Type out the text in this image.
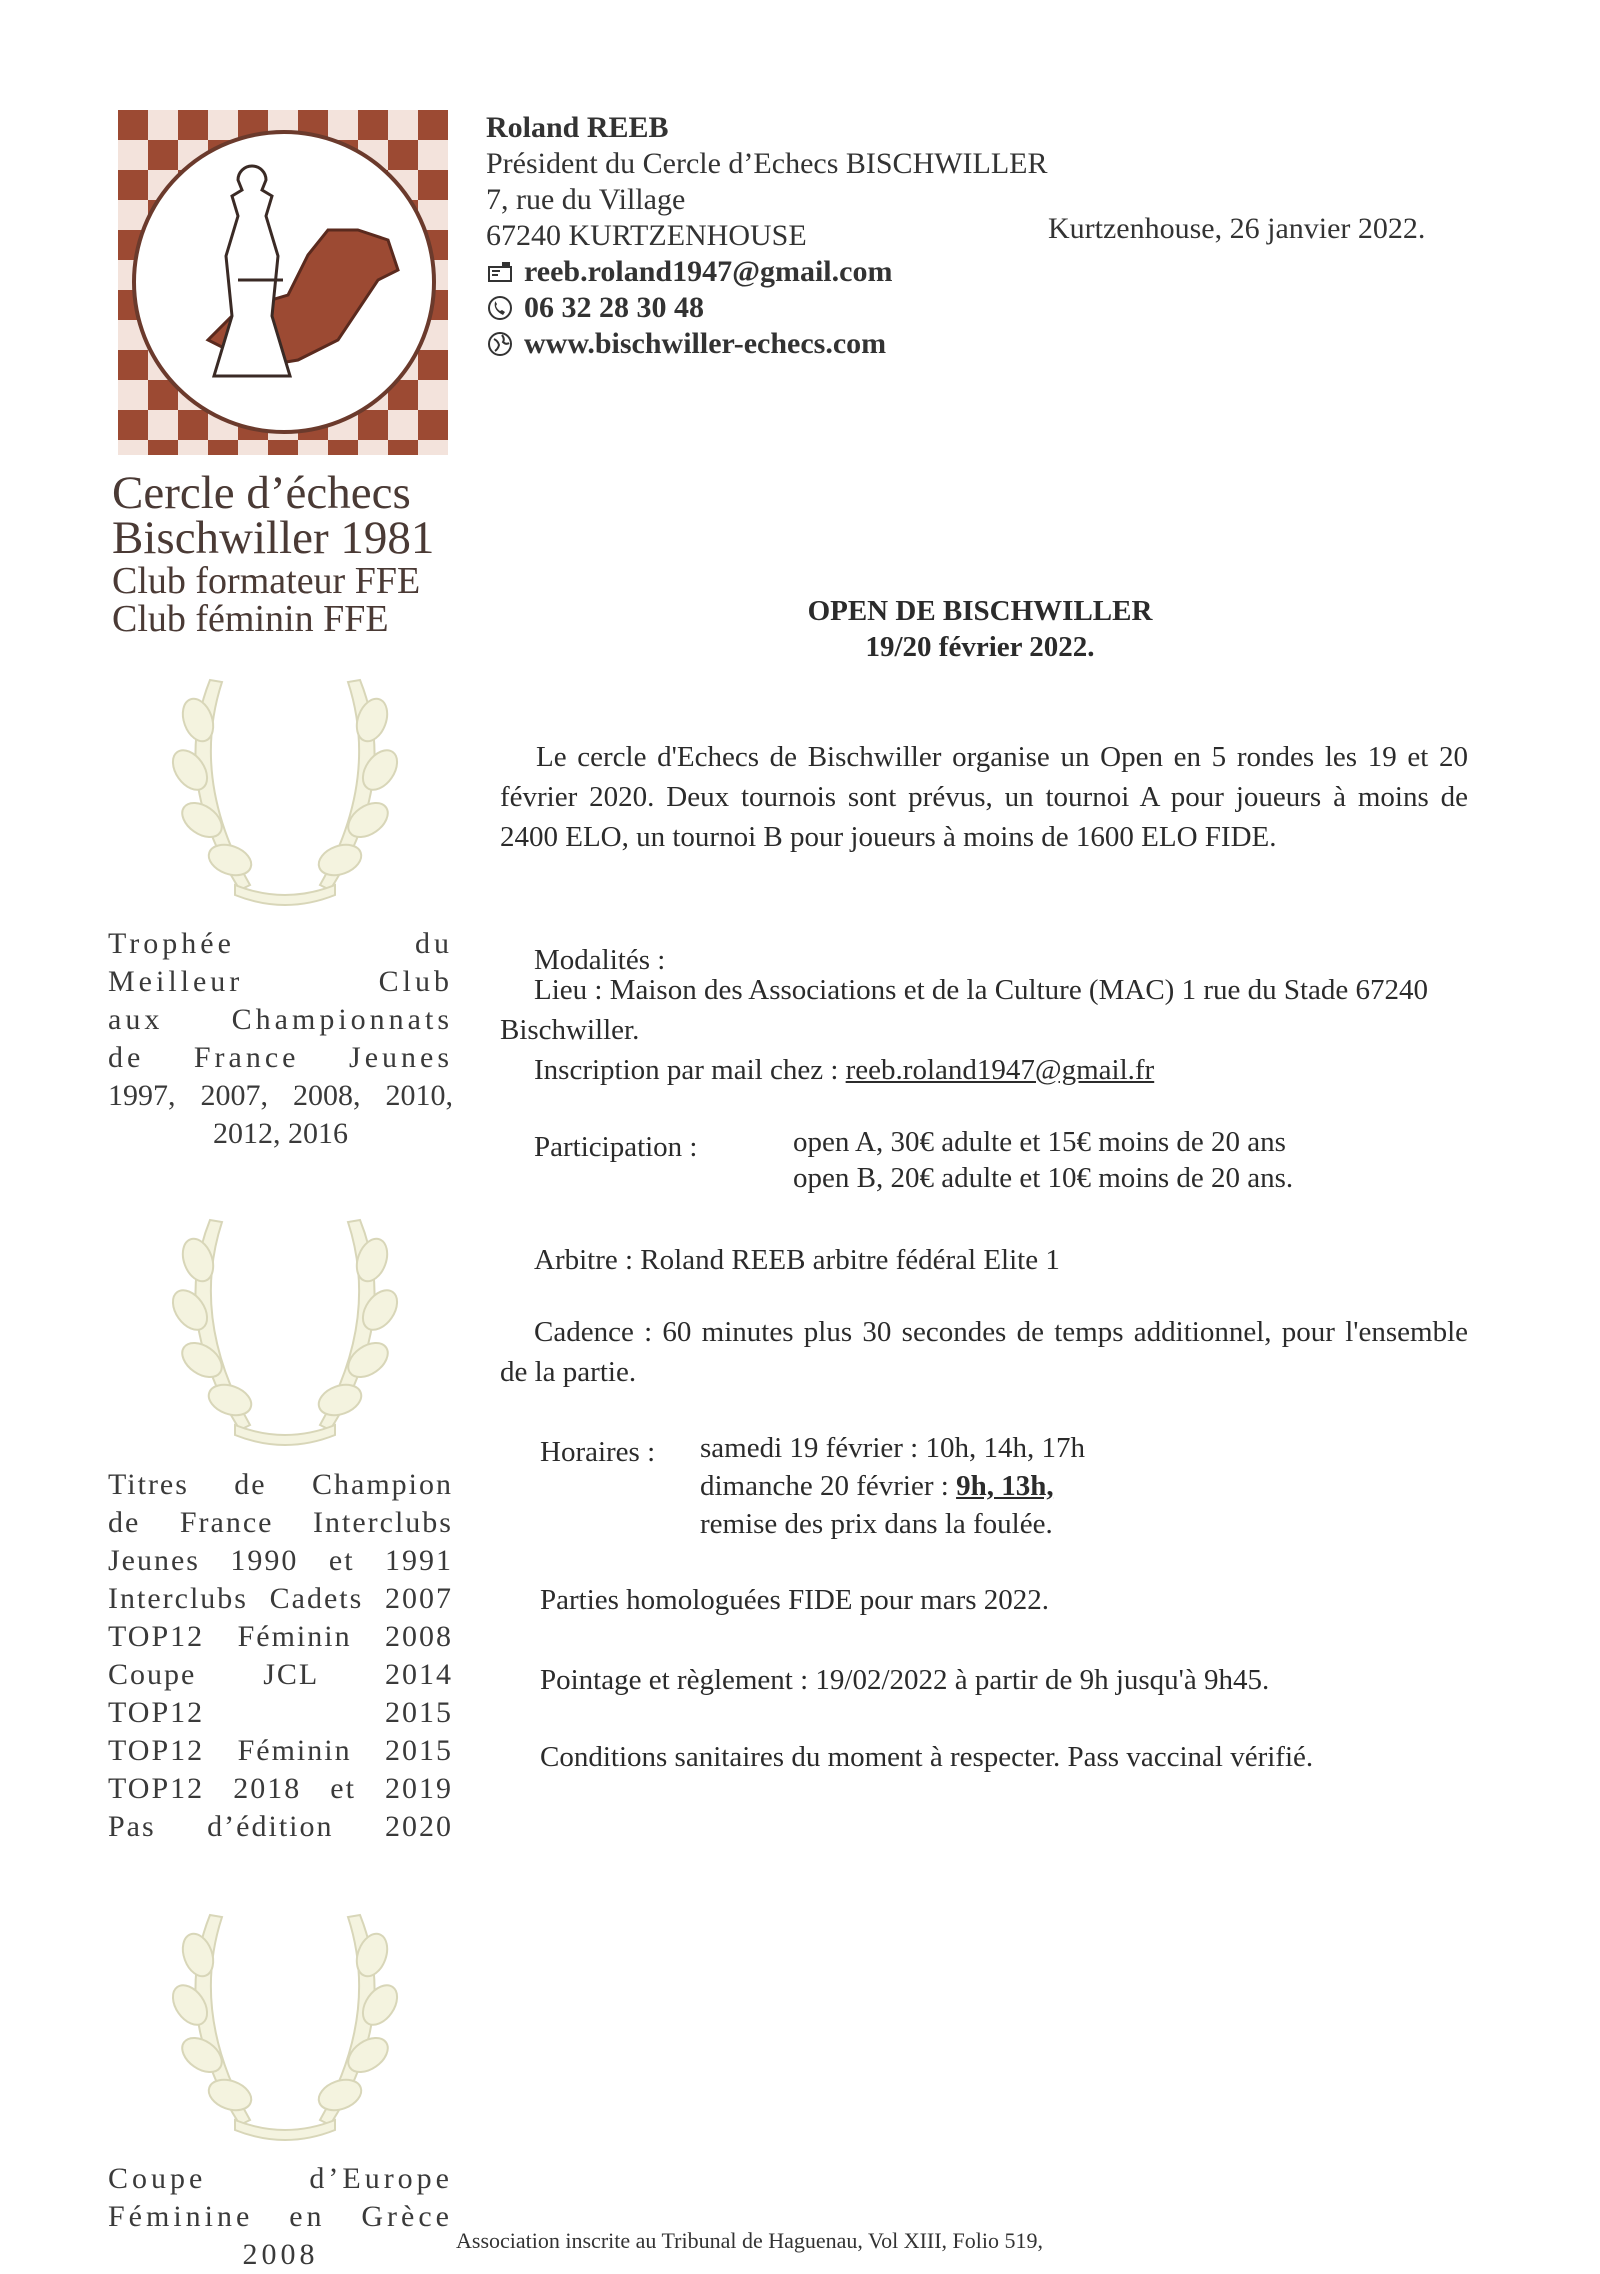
Cercle d’échecs
Bischwiller 1981
Club formateur FFE
Club féminin FFE
Trophée du
Meilleur Club
aux Championnats
de France Jeunes
1997, 2007, 2008, 2010,
2012, 2016
Titres de Champion
de France Interclubs
Jeunes 1990 et 1991
Interclubs Cadets 2007
TOP12 Féminin 2008
Coupe JCL 2014
TOP12 2015
TOP12 Féminin 2015
TOP12 2018 et 2019
Pas d’édition 2020
Coupe d’Europe
Féminine en Grèce
2008
Roland REEB
Président du Cercle d’Echecs BISCHWILLER
7, rue du Village
67240 KURTZENHOUSE
reeb.roland1947@gmail.com
06 32 28 30 48
www.bischwiller-echecs.com
Kurtzenhouse, 26 janvier 2022.
OPEN DE BISCHWILLER
19/20 février 2022.
Le cercle d'Echecs de Bischwiller organise un Open en 5 rondes les 19 et 20 février 2020. Deux tournois sont prévus, un tournoi A pour joueurs à moins de 2400 ELO, un tournoi B pour joueurs à moins de 1600 ELO FIDE.
Modalités :
Lieu : Maison des Associations et de la Culture (MAC) 1 rue du Stade 67240 Bischwiller.
Inscription par mail chez : reeb.roland1947@gmail.fr
Participation :	open A, 30€ adulte et 15€ moins de 20 ans
open B, 20€ adulte et 10€ moins de 20 ans.
Arbitre : Roland REEB arbitre fédéral Elite 1
Cadence : 60 minutes plus 30 secondes de temps additionnel, pour l'ensemble de la partie.
Horaires : samedi 19 février : 10h, 14h, 17h
dimanche 20 février : 9h, 13h,
remise des prix dans la foulée.
Parties homologuées FIDE pour mars 2022.
Pointage et règlement : 19/02/2022 à partir de 9h jusqu'à 9h45.
Conditions sanitaires du moment à respecter. Pass vaccinal vérifié.
Association inscrite au Tribunal de Haguenau, Vol XIII, Folio 519,
